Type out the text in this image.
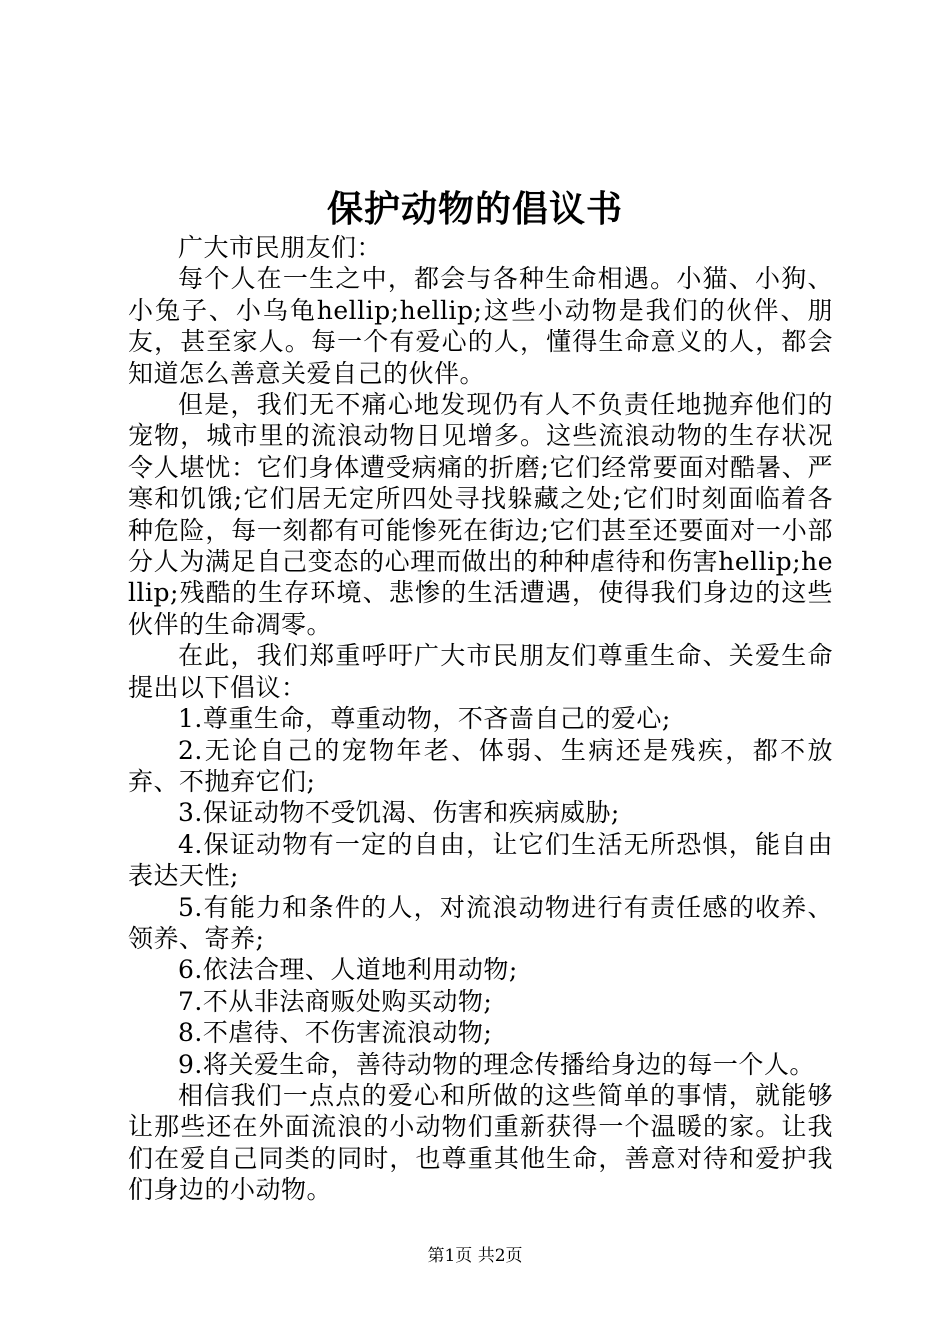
保护动物的倡议书

广大市民朋友们：

每个人在一生之中，都会与各种生命相遇。小猫、小狗、小兔子、小乌龟hellip;hellip;这些小动物是我们的伙伴、朋友，甚至家人。每一个有爱心的人，懂得生命意义的人，都会知道怎么善意关爱自己的伙伴。

但是，我们无不痛心地发现仍有人不负责任地抛弃他们的宠物，城市里的流浪动物日见增多。这些流浪动物的生存状况令人堪忧：它们身体遭受病痛的折磨;它们经常要面对酷暑、严寒和饥饿;它们居无定所四处寻找躲藏之处;它们时刻面临着各种危险，每一刻都有可能惨死在街边;它们甚至还要面对一小部分人为满足自己变态的心理而做出的种种虐待和伤害hellip;hellip;残酷的生存环境、悲惨的生活遭遇，使得我们身边的这些伙伴的生命凋零。

在此，我们郑重呼吁广大市民朋友们尊重生命、关爱生命提出以下倡议：

1.尊重生命，尊重动物，不吝啬自己的爱心;

2.无论自己的宠物年老、体弱、生病还是残疾，都不放弃、不抛弃它们;

3.保证动物不受饥渴、伤害和疾病威胁;

4.保证动物有一定的自由，让它们生活无所恐惧，能自由表达天性;

5.有能力和条件的人，对流浪动物进行有责任感的收养、领养、寄养;

6.依法合理、人道地利用动物;

7.不从非法商贩处购买动物;

8.不虐待、不伤害流浪动物;

9.将关爱生命，善待动物的理念传播给身边的每一个人。

相信我们一点点的爱心和所做的这些简单的事情，就能够让那些还在外面流浪的小动物们重新获得一个温暖的家。让我们在爱自己同类的同时，也尊重其他生命，善意对待和爱护我们身边的小动物。

第1页 共2页
